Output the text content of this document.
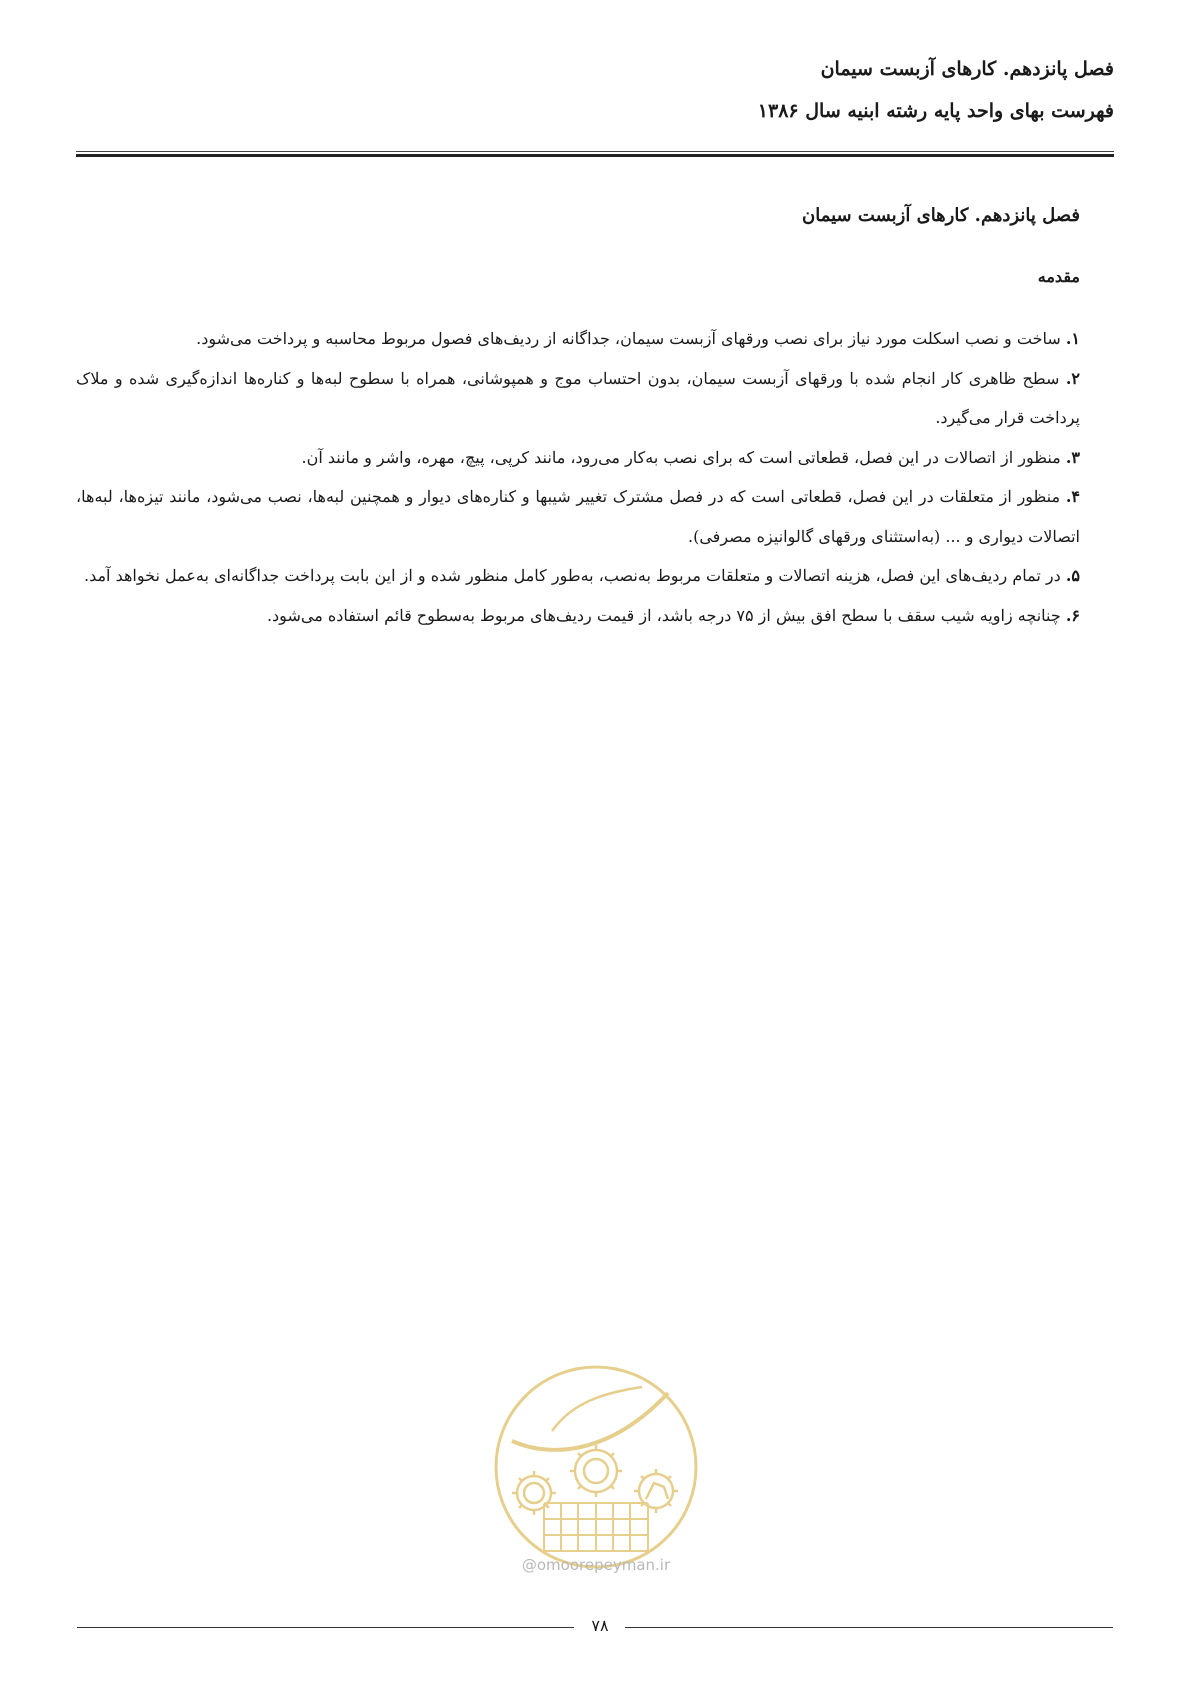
فصل پانزدهم. کارهای آزبست سیمان

فهرست بهای واحد پایه رشته ابنیه سال ۱۳۸۶

فصل پانزدهم. کارهای آزبست سیمان
مقدمه

۱. ساخت و نصب اسکلت مورد نیاز برای نصب ورقهای آزبست سیمان، جداگانه از ردیف‌های فصول مربوط محاسبه و پرداخت می‌شود.

۲. سطح ظاهری کار انجام شده با ورقهای آزبست سیمان، بدون احتساب موج و همپوشانی، همراه با سطوح لبه‌ها و کناره‌ها اندازه‌گیری شده و ملاک پرداخت قرار می‌گیرد.

۳. منظور از اتصالات در این فصل، قطعاتی است که برای نصب به‌کار می‌رود، مانند کرپی، پیچ، مهره، واشر و مانند آن.

۴. منظور از متعلقات در این فصل، قطعاتی است که در فصل مشترک تغییر شیبها و کناره‌های دیوار و همچنین لبه‌ها، نصب می‌شود، مانند تیزه‌ها، لبه‌ها، اتصالات دیواری و ... (به‌استثنای ورقهای گالوانیزه مصرفی).

۵. در تمام ردیف‌های این فصل، هزینه اتصالات و متعلقات مربوط به‌نصب، به‌طور کامل منظور شده و از این بابت پرداخت جداگانه‌ای به‌عمل نخواهد آمد.

۶. چنانچه زاویه شیب سقف با سطح افق بیش از ۷۵ درجه باشد، از قیمت ردیف‌های مربوط به‌سطوح قائم استفاده می‌شود.

@omoorepeyman.ir
۷۸
